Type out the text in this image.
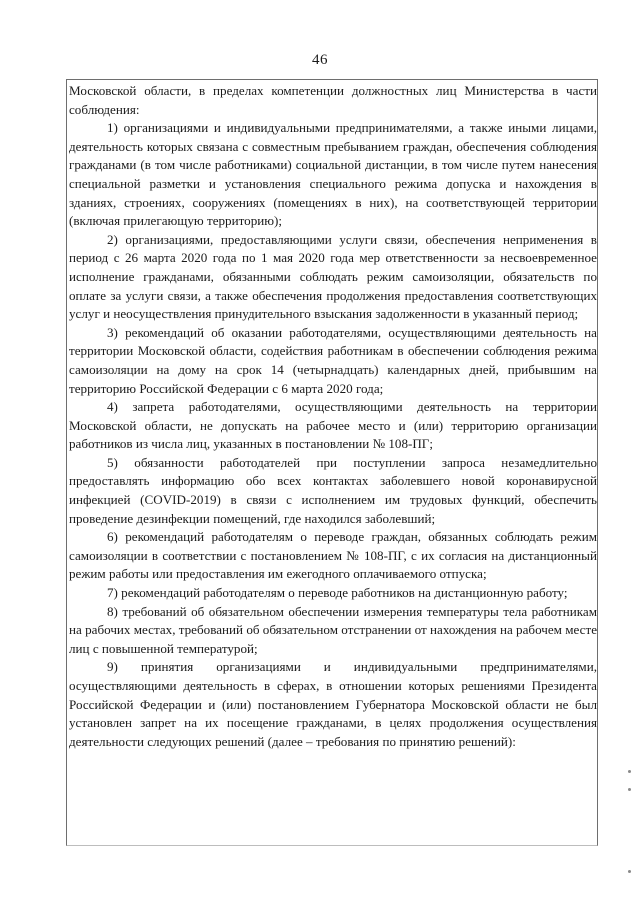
46

Московской области, в пределах компетенции должностных лиц Министерства в части соблюдения:

1) организациями и индивидуальными предпринимателями, а также иными лицами, деятельность которых связана с совместным пребыванием граждан, обеспечения соблюдения гражданами (в том числе работниками) социальной дистанции, в том числе путем нанесения специальной разметки и установления специального режима допуска и нахождения в зданиях, строениях, сооружениях (помещениях в них), на соответствующей территории (включая прилегающую территорию);

2) организациями, предоставляющими услуги связи, обеспечения неприменения в период с 26 марта 2020 года по 1 мая 2020 года мер ответственности за несвоевременное исполнение гражданами, обязанными соблюдать режим самоизоляции, обязательств по оплате за услуги связи, а также обеспечения продолжения предоставления соответствующих услуг и неосуществления принудительного взыскания задолженности в указанный период;

3) рекомендаций об оказании работодателями, осуществляющими деятельность на территории Московской области, содействия работникам в обеспечении соблюдения режима самоизоляции на дому на срок 14 (четырнадцать) календарных дней, прибывшим на территорию Российской Федерации с 6 марта 2020 года;

4) запрета работодателями, осуществляющими деятельность на территории Московской области, не допускать на рабочее место и (или) территорию организации работников из числа лиц, указанных в постановлении № 108-ПГ;

5) обязанности работодателей при поступлении запроса незамедлительно предоставлять информацию обо всех контактах заболевшего новой коронавирусной инфекцией (COVID-2019) в связи с исполнением им трудовых функций, обеспечить проведение дезинфекции помещений, где находился заболевший;

6) рекомендаций работодателям о переводе граждан, обязанных соблюдать режим самоизоляции в соответствии с постановлением № 108-ПГ, с их согласия на дистанционный режим работы или предоставления им ежегодного оплачиваемого отпуска;

7) рекомендаций работодателям о переводе работников на дистанционную работу;

8) требований об обязательном обеспечении измерения температуры тела работникам на рабочих местах, требований об обязательном отстранении от нахождения на рабочем месте лиц с повышенной температурой;

9) принятия организациями и индивидуальными предпринимателями, осуществляющими деятельность в сферах, в отношении которых решениями Президента Российской Федерации и (или) постановлением Губернатора Московской области не был установлен запрет на их посещение гражданами, в целях продолжения осуществления деятельности следующих решений (далее – требования по принятию решений):
